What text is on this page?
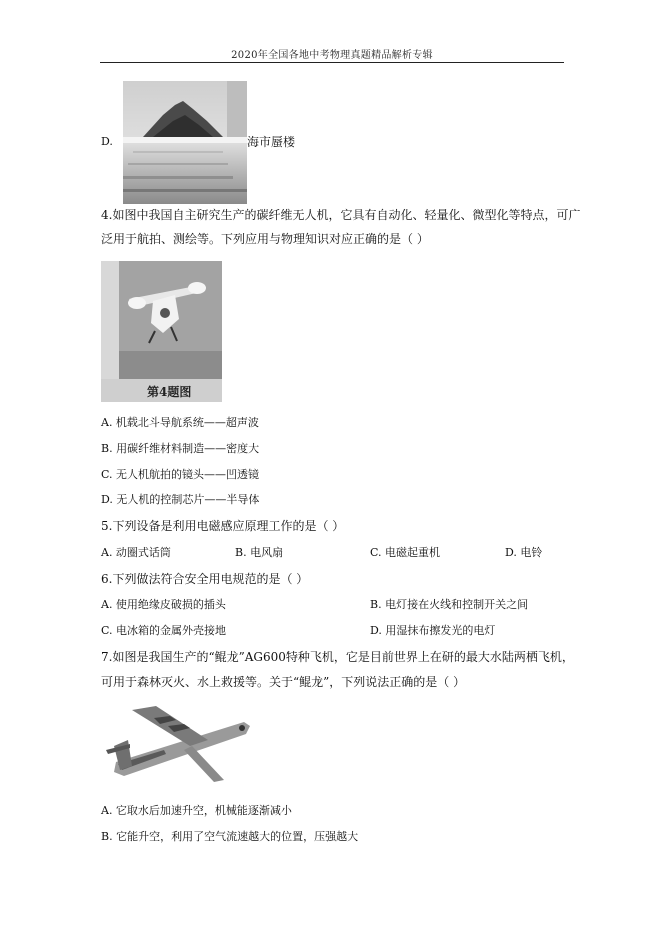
2020年全国各地中考物理真题精品解析专辑
D.	海市蜃楼
4.如图中我国自主研究生产的碳纤维无人机，它具有自动化、轻量化、微型化等特点，可广
泛用于航拍、测绘等。下列应用与物理知识对应正确的是（ ）
第4题图
A. 机载北斗导航系统——超声波
B. 用碳纤维材料制造——密度大
C. 无人机航拍的镜头——凹透镜
D. 无人机的控制芯片——半导体
5.下列设备是利用电磁感应原理工作的是（ ）
A. 动圈式话筒	B. 电风扇	C. 电磁起重机	D. 电铃
6.下列做法符合安全用电规范的是（ ）
A. 使用绝缘皮破损的插头	B. 电灯接在火线和控制开关之间
C. 电冰箱的金属外壳接地	D. 用湿抹布擦发光的电灯
7.如图是我国生产的“鲲龙”AG600特种飞机，它是目前世界上在研的最大水陆两栖飞机，
可用于森林灭火、水上救援等。关于“鲲龙”，下列说法正确的是（ ）
A. 它取水后加速升空，机械能逐渐减小
B. 它能升空，利用了空气流速越大的位置，压强越大
